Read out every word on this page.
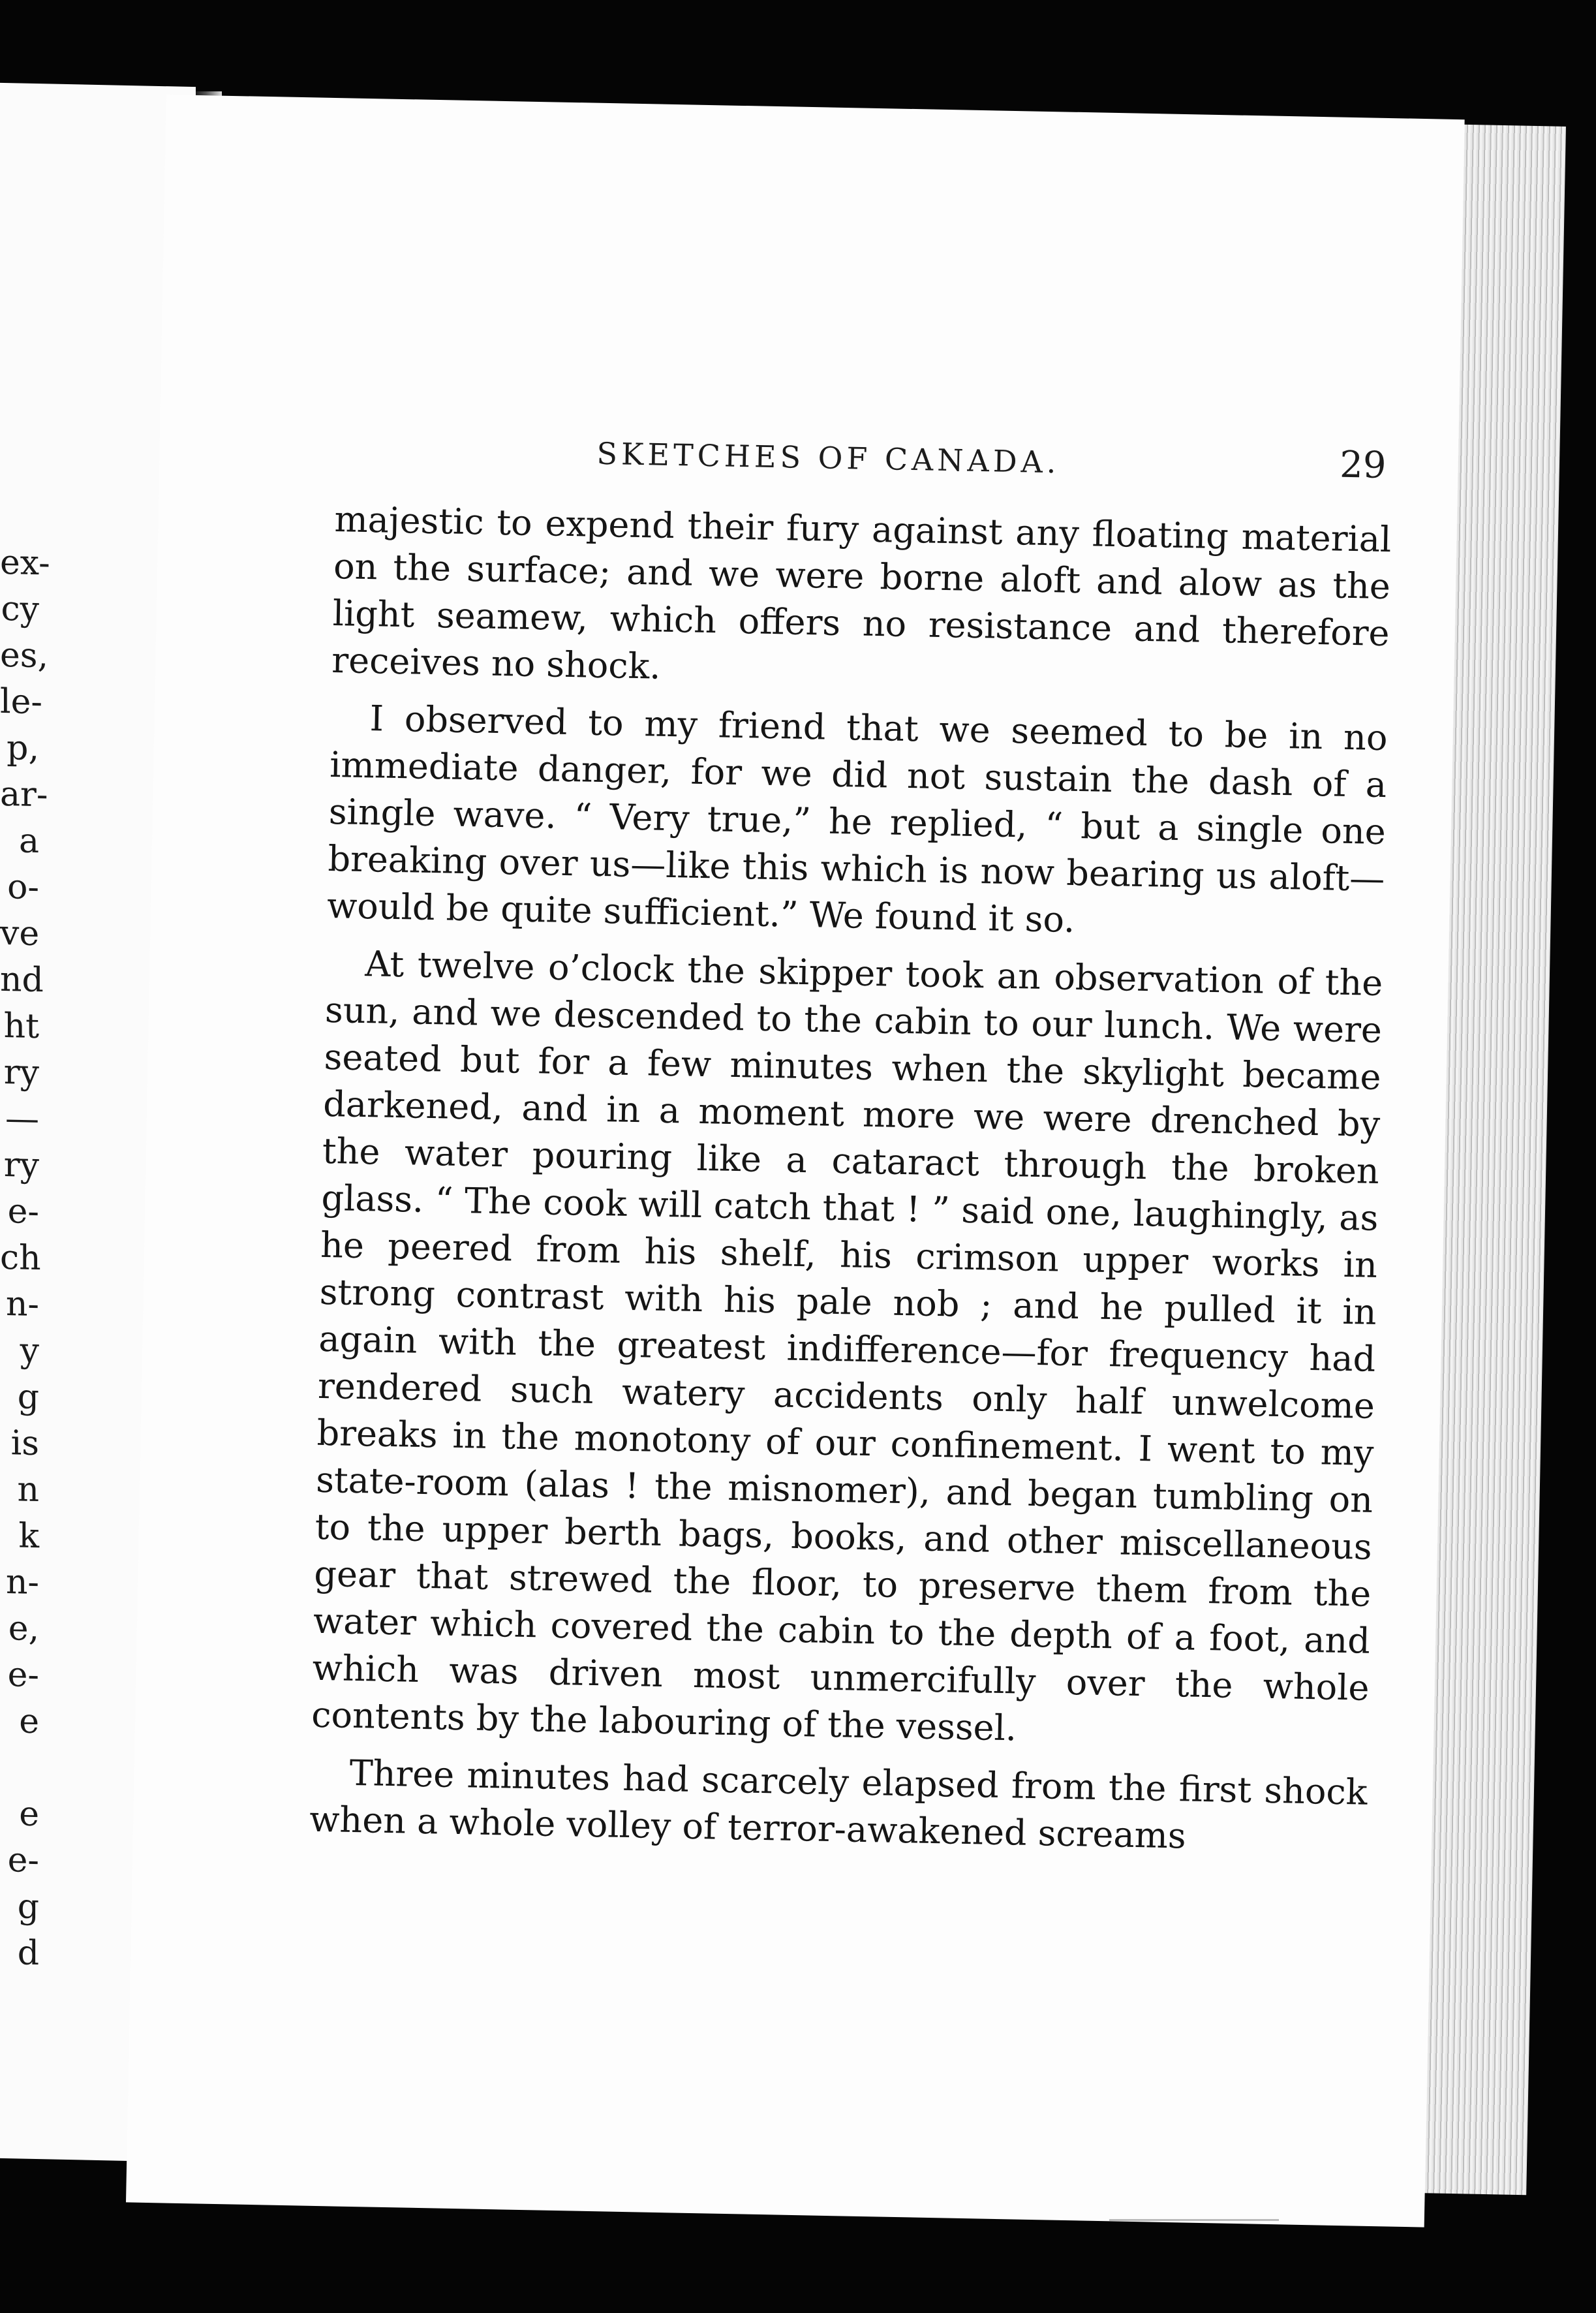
ex-
cy
es,
le-
p,
ar-
a
o-
ve
nd
ht
ry
—
ry
e-
ch
n-
y
g
is
n
k
n-
e,
e-
e
e
e-
g
d
SKETCHES OF CANADA.	29

majestic to expend their fury against any floating material on the surface; and we were borne aloft and alow as the light seamew, which offers no resistance and therefore receives no shock.

I observed to my friend that we seemed to be in no immediate danger, for we did not sustain the dash of a single wave. “ Very true,” he replied, “ but a single one breaking over us—like this which is now bearing us aloft—would be quite sufficient.” We found it so.

At twelve o’clock the skipper took an observation of the sun, and we descended to the cabin to our lunch. We were seated but for a few minutes when the skylight became darkened, and in a moment more we were drenched by the water pouring like a cataract through the broken glass. “ The cook will catch that ! ” said one, laughingly, as he peered from his shelf, his crimson upper works in strong contrast with his pale nob ; and he pulled it in again with the greatest indifference—for frequency had rendered such watery accidents only half unwelcome breaks in the monotony of our confinement. I went to my state-room (alas ! the misnomer), and began tumbling on to the upper berth bags, books, and other miscellaneous gear that strewed the floor, to preserve them from the water which covered the cabin to the depth of a foot, and which was driven most unmercifully over the whole contents by the labouring of the vessel.

Three minutes had scarcely elapsed from the first shock when a whole volley of terror-awakened screams
